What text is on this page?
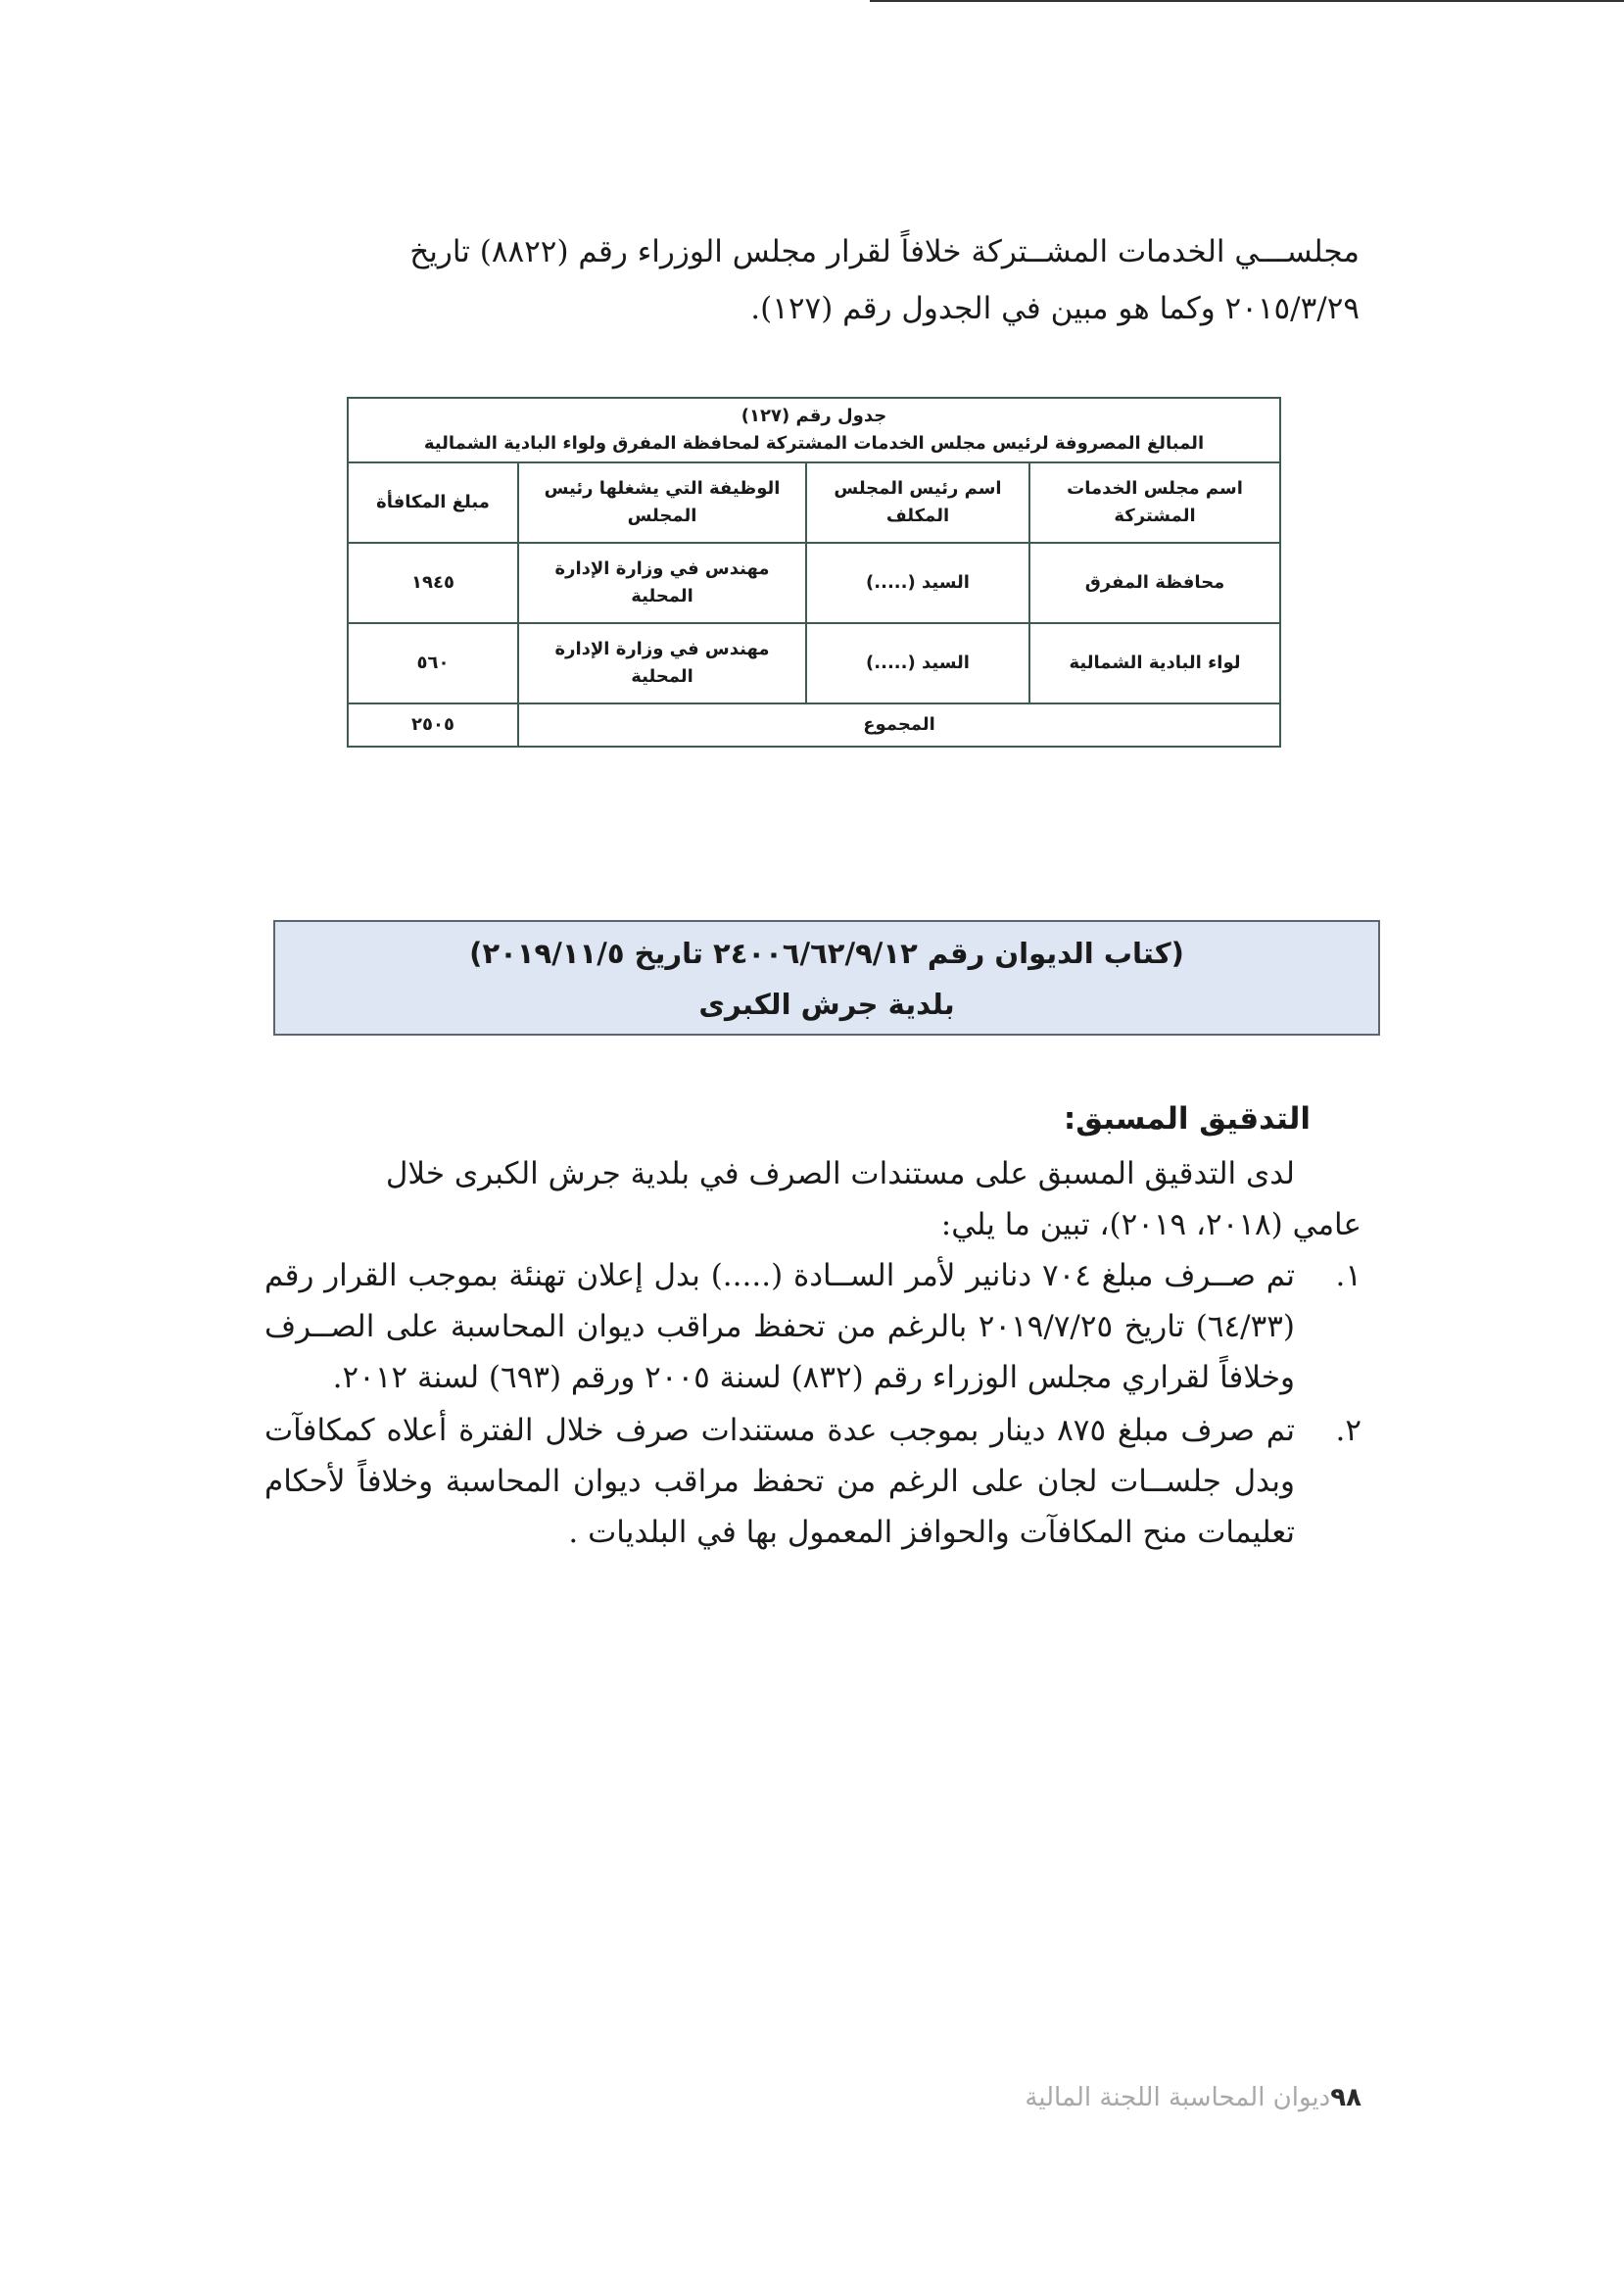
مجلســـي الخدمات المشــتركة خلافاً لقرار مجلس الوزراء رقم (٨٨٢٢) تاريخ

٢٠١٥/٣/٢٩ وكما هو مبين في الجدول رقم (١٢٧).

جدول رقم (١٢٧)
المبالغ المصروفة لرئيس مجلس الخدمات المشتركة لمحافظة المفرق ولواء البادية الشمالية			

اسم مجلس الخدمات المشتركة	اسم رئيس المجلس المكلف	الوظيفة التي يشغلها رئيس المجلس	مبلغ المكافأة
محافظة المفرق	السيد (.....)	مهندس في وزارة الإدارة المحلية	١٩٤٥
لواء البادية الشمالية	السيد (.....)	مهندس في وزارة الإدارة المحلية	٥٦٠
المجموع			٢٥٠٥
(كتاب الديوان رقم ٢٤٠٠٦/٦٢/٩/١٢ تاريخ ٢٠١٩/١١/٥)
بلدية جرش الكبرى
التدقيق المسبق:

لدى التدقيق المسبق على مستندات الصرف في بلدية جرش الكبرى خلال

عامي (٢٠١٨، ٢٠١٩)، تبين ما يلي:

١.
تم صــرف مبلغ ٧٠٤ دنانير لأمر الســادة (.....) بدل إعلان تهنئة بموجب القرار رقم (٦٤/٣٣) تاريخ ٢٠١٩/٧/٢٥ بالرغم من تحفظ مراقب ديوان المحاسبة على الصــرف وخلافاً لقراري مجلس الوزراء رقم (٨٣٢) لسنة ٢٠٠٥ ورقم (٦٩٣) لسنة ٢٠١٢.
٢.
تم صرف مبلغ ٨٧٥ دينار بموجب عدة مستندات صرف خلال الفترة أعلاه كمكافآت وبدل جلســات لجان على الرغم من تحفظ مراقب ديوان المحاسبة وخلافاً لأحكام تعليمات منح المكافآت والحوافز المعمول بها في البلديات .
٩٨ديوان المحاسبة اللجنة المالية
